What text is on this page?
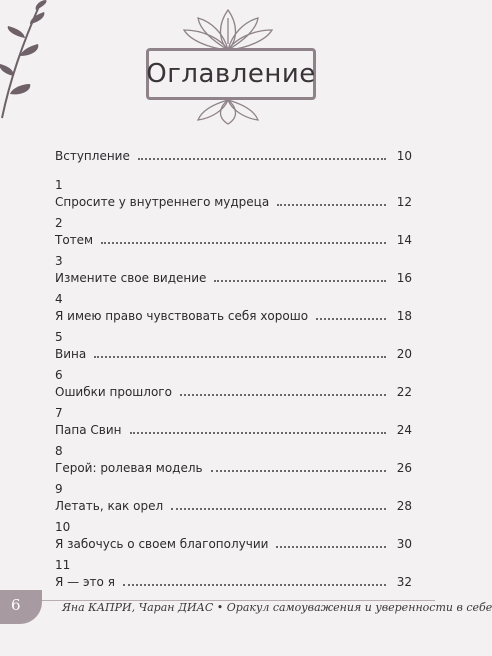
Оглавление
Вступление	10
1
Спросите у внутреннего мудреца	12
2
Тотем	14
3
Измените свое видение	16
4
Я имею право чувствовать себя хорошо	18
5
Вина	20
6
Ошибки прошлого	22
7
Папа Свин	24
8
Герой: ролевая модель	26
9
Летать, как орел	28
10
Я забочусь о своем благополучии	30
11
Я — это я	32
6	Яна КАПРИ, Чаран ДИАС • Оракул самоуважения и уверенности в себе
